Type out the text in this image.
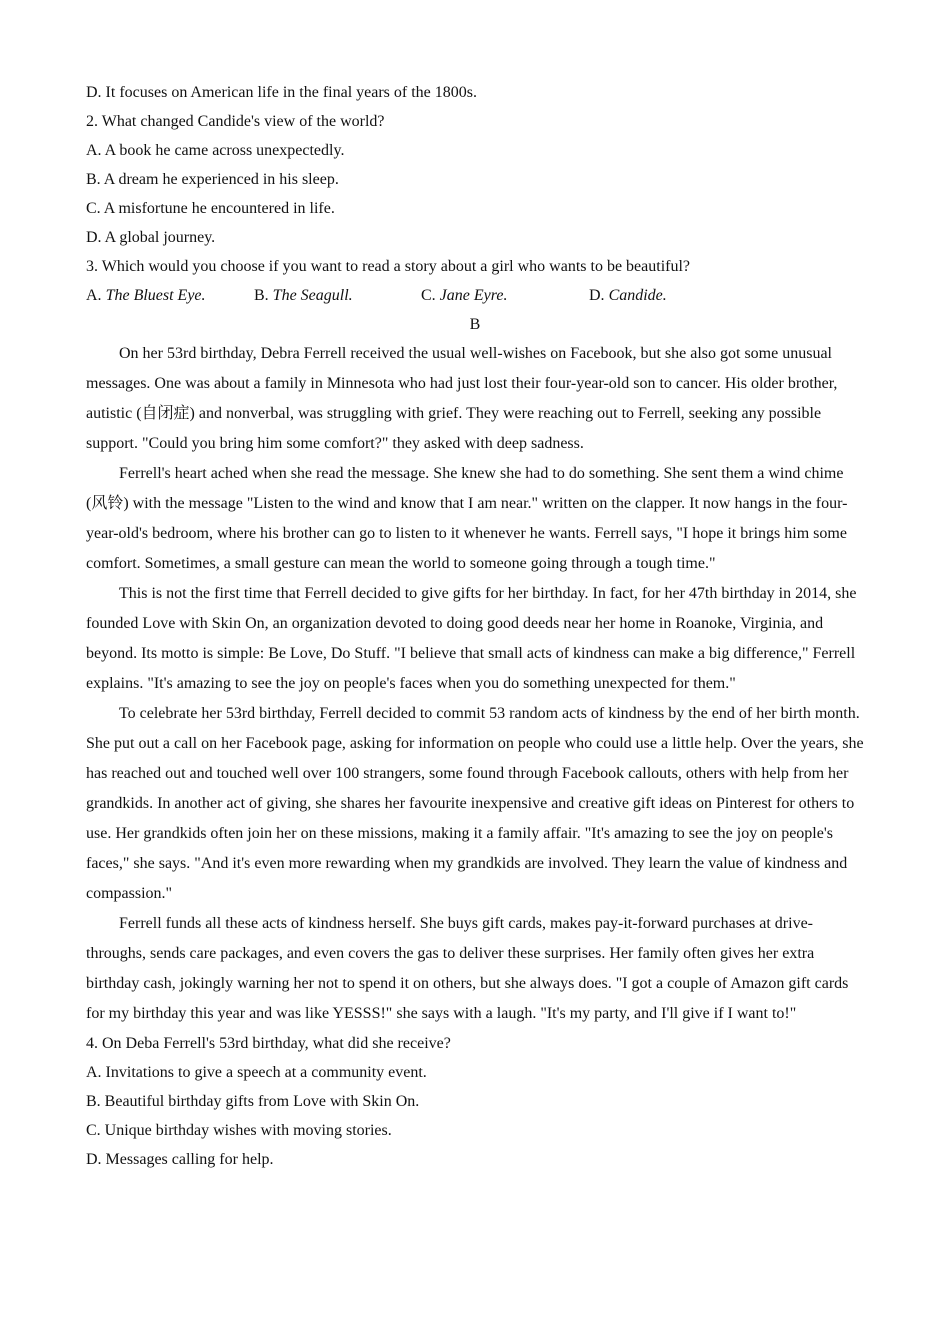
D. It focuses on American life in the final years of the 1800s.

2. What changed Candide's view of the world?

A. A book he came across unexpectedly.

B. A dream he experienced in his sleep.

C. A misfortune he encountered in life.

D. A global journey.

3. Which would you choose if you want to read a story about a girl who wants to be beautiful?

A. The Bluest Eye.	B. The Seagull.	C. Jane Eyre.	D. Candide.

B

On her 53rd birthday, Debra Ferrell received the usual well-wishes on Facebook, but she also got some unusual messages. One was about a family in Minnesota who had just lost their four-year-old son to cancer. His older brother, autistic (自闭症) and nonverbal, was struggling with grief. They were reaching out to Ferrell, seeking any possible support. "Could you bring him some comfort?" they asked with deep sadness.

Ferrell's heart ached when she read the message. She knew she had to do something. She sent them a wind chime (风铃) with the message "Listen to the wind and know that I am near." written on the clapper. It now hangs in the four-year-old's bedroom, where his brother can go to listen to it whenever he wants. Ferrell says, "I hope it brings him some comfort. Sometimes, a small gesture can mean the world to someone going through a tough time."

This is not the first time that Ferrell decided to give gifts for her birthday. In fact, for her 47th birthday in 2014, she founded Love with Skin On, an organization devoted to doing good deeds near her home in Roanoke, Virginia, and beyond. Its motto is simple: Be Love, Do Stuff. "I believe that small acts of kindness can make a big difference," Ferrell explains. "It's amazing to see the joy on people's faces when you do something unexpected for them."

To celebrate her 53rd birthday, Ferrell decided to commit 53 random acts of kindness by the end of her birth month. She put out a call on her Facebook page, asking for information on people who could use a little help. Over the years, she has reached out and touched well over 100 strangers, some found through Facebook callouts, others with help from her grandkids. In another act of giving, she shares her favourite inexpensive and creative gift ideas on Pinterest for others to use. Her grandkids often join her on these missions, making it a family affair. "It's amazing to see the joy on people's faces," she says. "And it's even more rewarding when my grandkids are involved. They learn the value of kindness and compassion."

Ferrell funds all these acts of kindness herself. She buys gift cards, makes pay-it-forward purchases at drive-throughs, sends care packages, and even covers the gas to deliver these surprises. Her family often gives her extra birthday cash, jokingly warning her not to spend it on others, but she always does. "I got a couple of Amazon gift cards for my birthday this year and was like YESSS!" she says with a laugh. "It's my party, and I'll give if I want to!"

4. On Deba Ferrell's 53rd birthday, what did she receive?

A. Invitations to give a speech at a community event.

B. Beautiful birthday gifts from Love with Skin On.

C. Unique birthday wishes with moving stories.

D. Messages calling for help.
